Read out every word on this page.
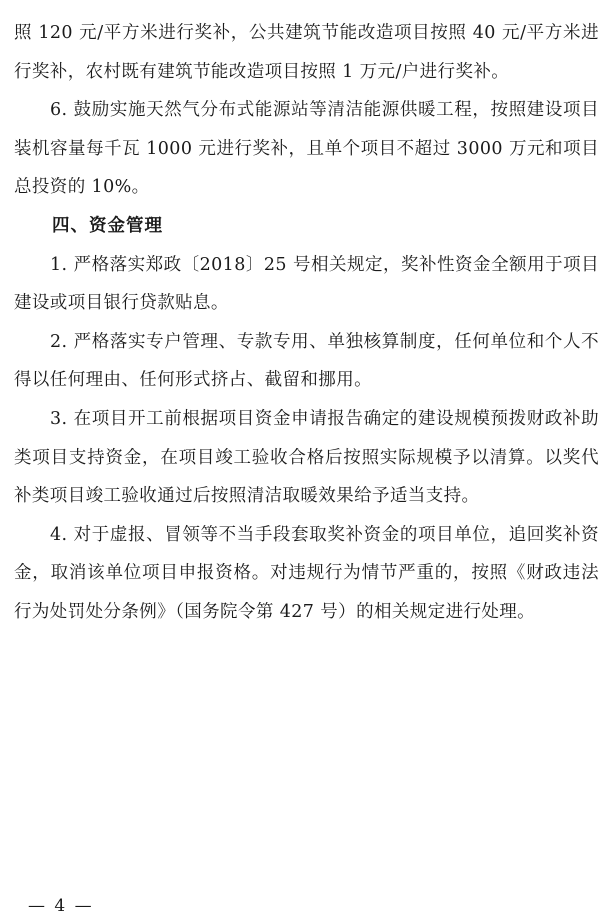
照 120 元/平方米进行奖补，公共建筑节能改造项目按照 40 元/平方米进行奖补，农村既有建筑节能改造项目按照 1 万元/户进行奖补。

6. 鼓励实施天然气分布式能源站等清洁能源供暖工程，按照建设项目装机容量每千瓦 1000 元进行奖补，且单个项目不超过 3000 万元和项目总投资的 10%。

四、资金管理

1. 严格落实郑政〔2018〕25 号相关规定，奖补性资金全额用于项目建设或项目银行贷款贴息。

2. 严格落实专户管理、专款专用、单独核算制度，任何单位和个人不得以任何理由、任何形式挤占、截留和挪用。

3. 在项目开工前根据项目资金申请报告确定的建设规模预拨财政补助类项目支持资金，在项目竣工验收合格后按照实际规模予以清算。以奖代补类项目竣工验收通过后按照清洁取暖效果给予适当支持。

4. 对于虚报、冒领等不当手段套取奖补资金的项目单位，追回奖补资金，取消该单位项目申报资格。对违规行为情节严重的，按照《财政违法行为处罚处分条例》（国务院令第 427 号）的相关规定进行处理。

— 4 —
